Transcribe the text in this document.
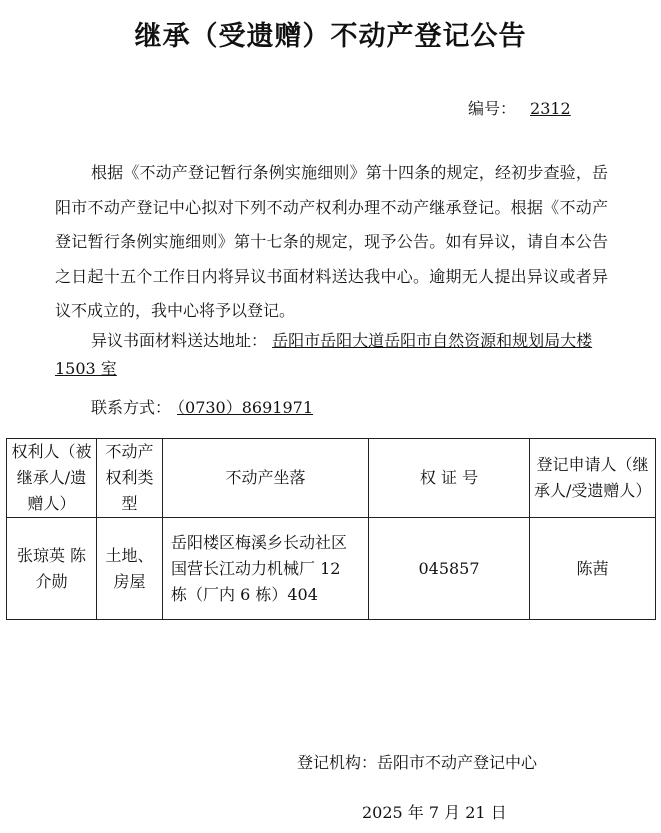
继承（受遗赠）不动产登记公告
编号： 2312
根据《不动产登记暂行条例实施细则》第十四条的规定，经初步查验，岳阳市不动产登记中心拟对下列不动产权利办理不动产继承登记。根据《不动产登记暂行条例实施细则》第十七条的规定，现予公告。如有异议，请自本公告之日起十五个工作日内将异议书面材料送达我中心。逾期无人提出异议或者异议不成立的，我中心将予以登记。
异议书面材料送达地址： 岳阳市岳阳大道岳阳市自然资源和规划局大楼 1503 室
联系方式： （0730）8691971
权利人（被继承人/遗赠人）	不动产权利类型	不动产坐落	权 证 号	登记申请人（继承人/受遗赠人）
张琼英 陈介勋	土地、房屋	岳阳楼区梅溪乡长动社区国营长江动力机械厂 12 栋（厂内 6 栋）404	045857	陈茜
登记机构：岳阳市不动产登记中心
2025 年 7 月 21 日
